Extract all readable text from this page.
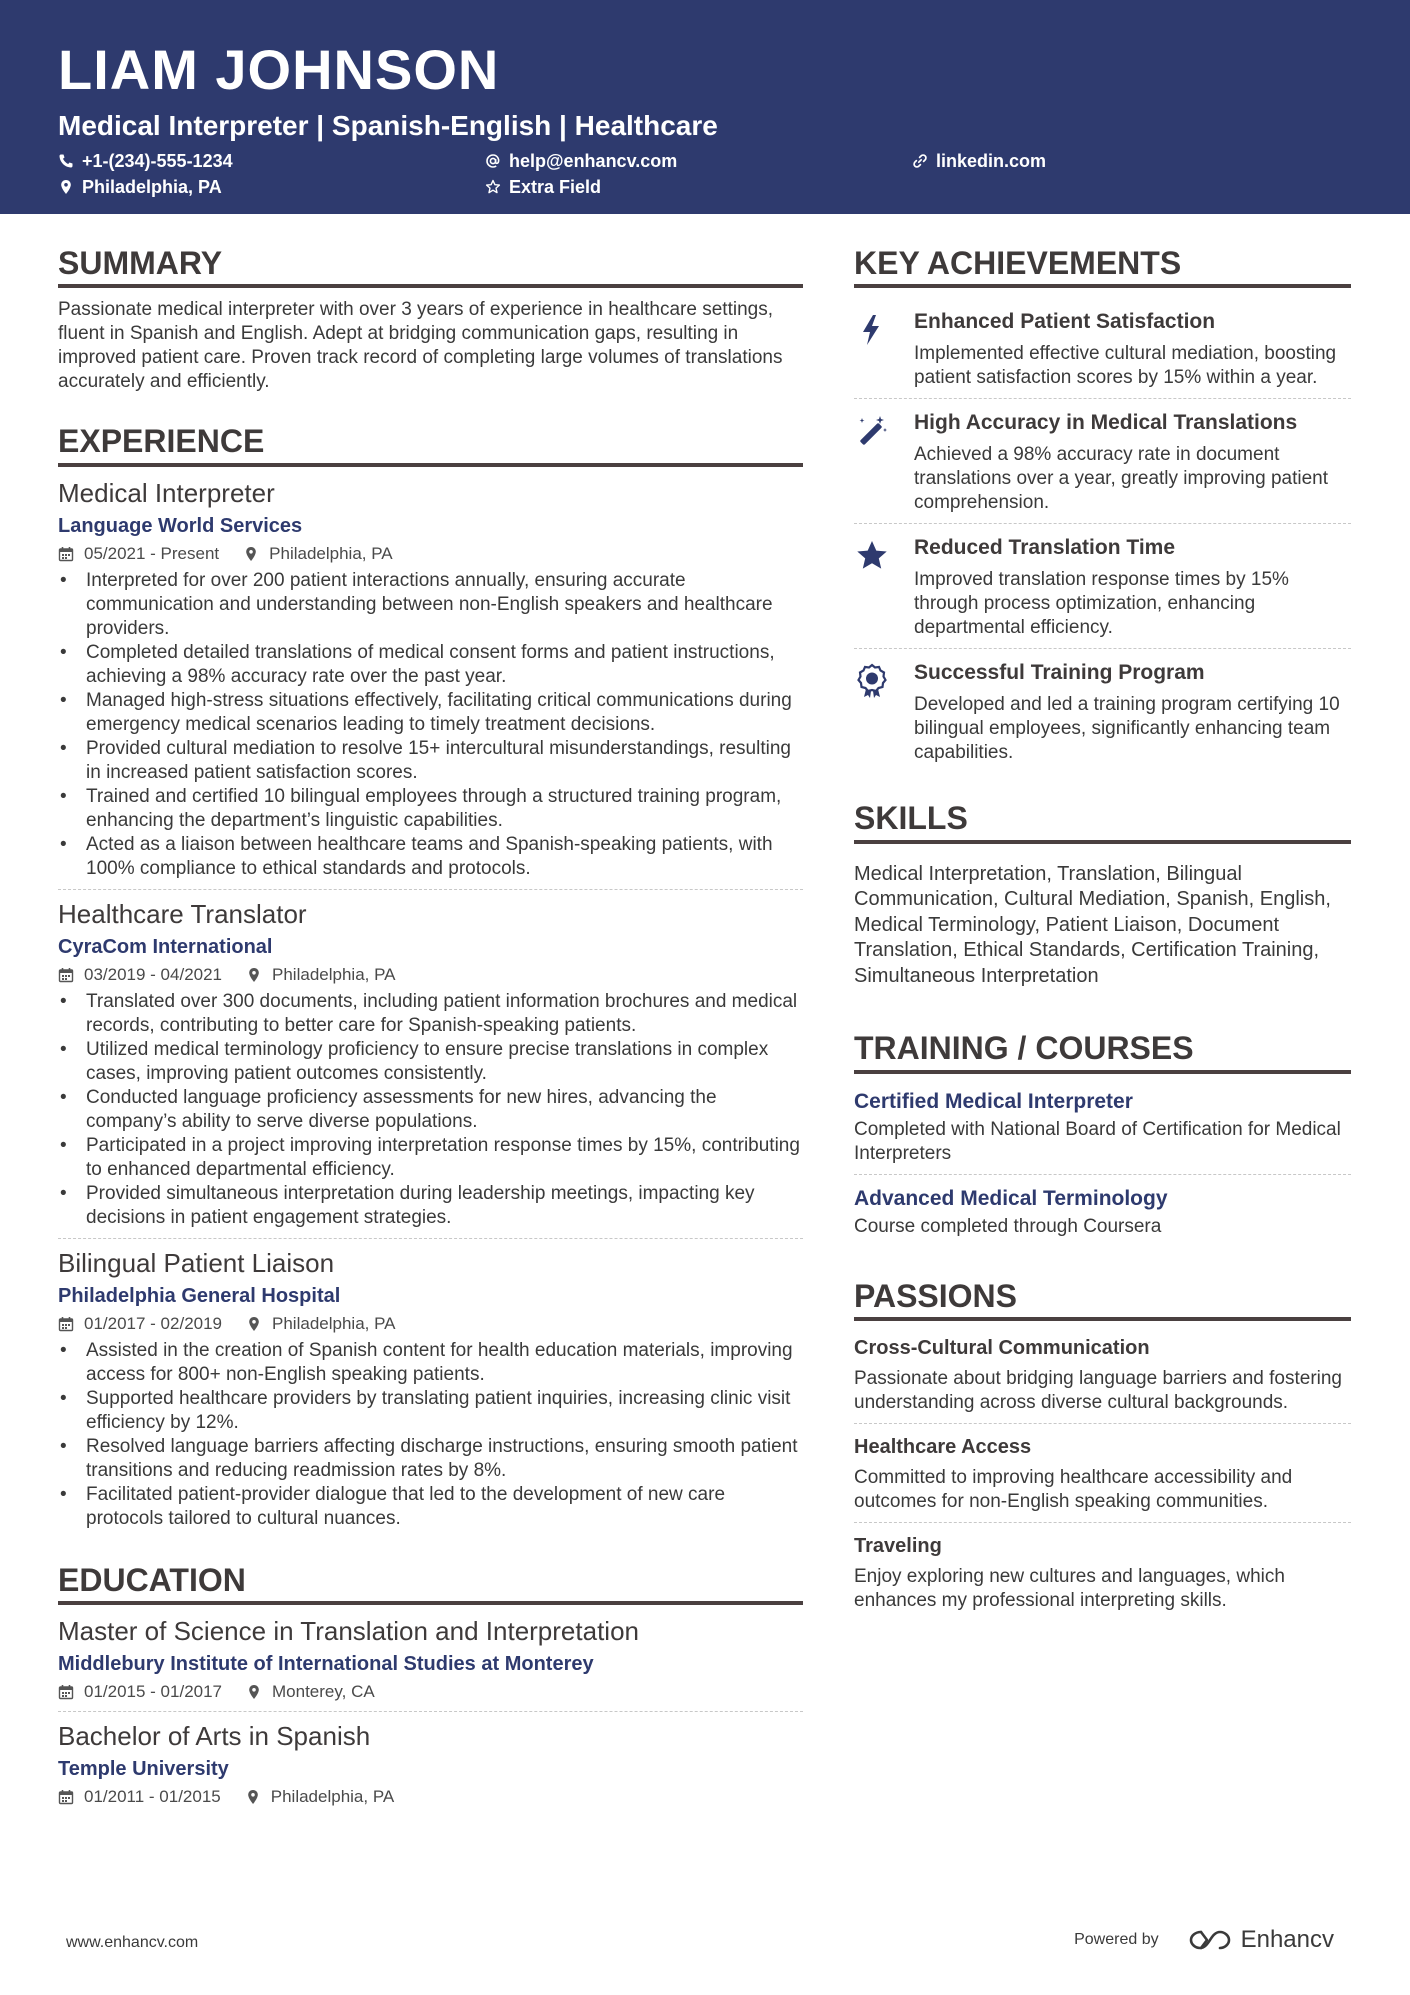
LIAM JOHNSON
Medical Interpreter | Spanish-English | Healthcare
+1-(234)-555-1234	help@enhancv.com	linkedin.com
Philadelphia, PA	Extra Field
SUMMARY
Passionate medical interpreter with over 3 years of experience in healthcare settings, fluent in Spanish and English. Adept at bridging communication gaps, resulting in improved patient care. Proven track record of completing large volumes of translations accurately and efficiently.
EXPERIENCE
Medical Interpreter
Language World Services
05/2021 - Present	Philadelphia, PA
• Interpreted for over 200 patient interactions annually, ensuring accurate communication and understanding between non-English speakers and healthcare providers.
• Completed detailed translations of medical consent forms and patient instructions, achieving a 98% accuracy rate over the past year.
• Managed high-stress situations effectively, facilitating critical communications during emergency medical scenarios leading to timely treatment decisions.
• Provided cultural mediation to resolve 15+ intercultural misunderstandings, resulting in increased patient satisfaction scores.
• Trained and certified 10 bilingual employees through a structured training program, enhancing the department’s linguistic capabilities.
• Acted as a liaison between healthcare teams and Spanish-speaking patients, with 100% compliance to ethical standards and protocols.
Healthcare Translator
CyraCom International
03/2019 - 04/2021	Philadelphia, PA
• Translated over 300 documents, including patient information brochures and medical records, contributing to better care for Spanish-speaking patients.
• Utilized medical terminology proficiency to ensure precise translations in complex cases, improving patient outcomes consistently.
• Conducted language proficiency assessments for new hires, advancing the company’s ability to serve diverse populations.
• Participated in a project improving interpretation response times by 15%, contributing to enhanced departmental efficiency.
• Provided simultaneous interpretation during leadership meetings, impacting key decisions in patient engagement strategies.
Bilingual Patient Liaison
Philadelphia General Hospital
01/2017 - 02/2019	Philadelphia, PA
• Assisted in the creation of Spanish content for health education materials, improving access for 800+ non-English speaking patients.
• Supported healthcare providers by translating patient inquiries, increasing clinic visit efficiency by 12%.
• Resolved language barriers affecting discharge instructions, ensuring smooth patient transitions and reducing readmission rates by 8%.
• Facilitated patient-provider dialogue that led to the development of new care protocols tailored to cultural nuances.
EDUCATION
Master of Science in Translation and Interpretation
Middlebury Institute of International Studies at Monterey
01/2015 - 01/2017	Monterey, CA
Bachelor of Arts in Spanish
Temple University
01/2011 - 01/2015	Philadelphia, PA
KEY ACHIEVEMENTS
Enhanced Patient Satisfaction
Implemented effective cultural mediation, boosting patient satisfaction scores by 15% within a year.
High Accuracy in Medical Translations
Achieved a 98% accuracy rate in document translations over a year, greatly improving patient comprehension.
Reduced Translation Time
Improved translation response times by 15% through process optimization, enhancing departmental efficiency.
Successful Training Program
Developed and led a training program certifying 10 bilingual employees, significantly enhancing team capabilities.
SKILLS
Medical Interpretation, Translation, Bilingual Communication, Cultural Mediation, Spanish, English, Medical Terminology, Patient Liaison, Document Translation, Ethical Standards, Certification Training, Simultaneous Interpretation
TRAINING / COURSES
Certified Medical Interpreter
Completed with National Board of Certification for Medical Interpreters
Advanced Medical Terminology
Course completed through Coursera
PASSIONS
Cross-Cultural Communication
Passionate about bridging language barriers and fostering understanding across diverse cultural backgrounds.
Healthcare Access
Committed to improving healthcare accessibility and outcomes for non-English speaking communities.
Traveling
Enjoy exploring new cultures and languages, which enhances my professional interpreting skills.
www.enhancv.com	Powered by	Enhancv
